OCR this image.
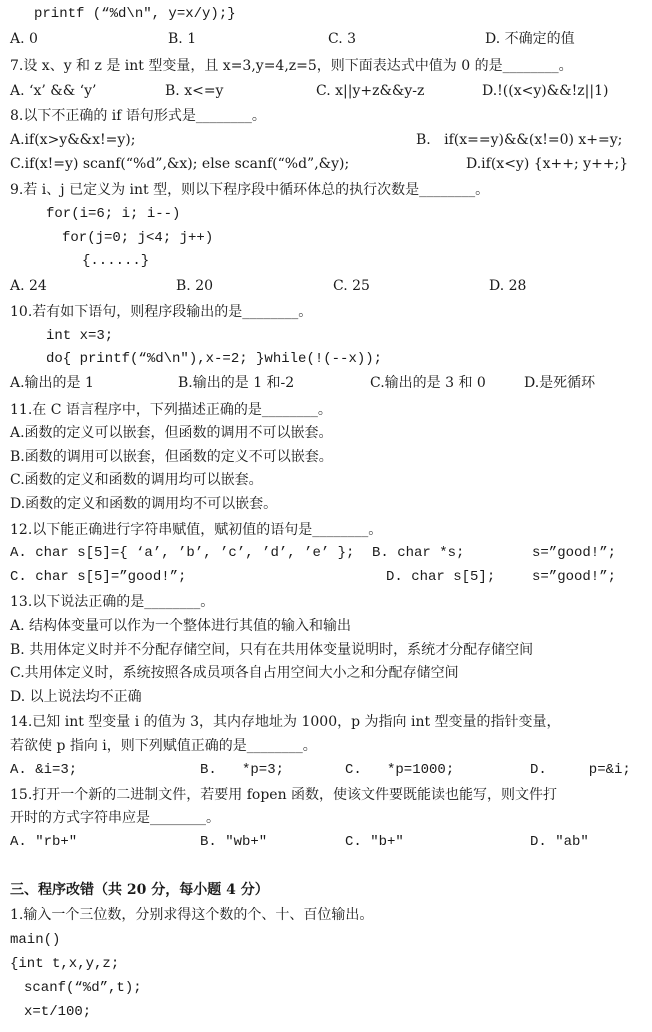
printf (“%d\n", y=x/y);}
A. 0	B. 1	C. 3	D. 不确定的值
7.设 x、y 和 z 是 int 型变量，且 x=3,y=4,z=5，则下面表达式中值为 0 的是________。
A. ‘x’ && ‘y’	B. x<=y	C. x||y+z&&y-z	D.!((x<y)&&!z||1)
8.以下不正确的 if 语句形式是________。
A.if(x>y&&x!=y);	B.   if(x==y)&&(x!=0) x+=y;
C.if(x!=y) scanf(“%d”,&x); else scanf(“%d”,&y);	D.if(x<y) {x++; y++;}
9.若 i、j 已定义为 int 型，则以下程序段中循环体总的执行次数是________。
for(i=6; i; i--)
for(j=0; j<4; j++)
{......}
A. 24	B. 20	C. 25	D. 28
10.若有如下语句，则程序段输出的是________。
int x=3;
do{ printf(“%d\n"),x-=2; }while(!(--x));
A.输出的是 1	B.输出的是 1 和-2	C.输出的是 3 和 0	D.是死循环
11.在 C 语言程序中，下列描述正确的是________。
A.函数的定义可以嵌套，但函数的调用不可以嵌套。
B.函数的调用可以嵌套，但函数的定义不可以嵌套。
C.函数的定义和函数的调用均可以嵌套。
D.函数的定义和函数的调用均不可以嵌套。
12.以下能正确进行字符串赋值，赋初值的语句是________。
A. char s[5]={ ‘a’, ’b’, ’c’, ’d’, ’e’ }; B. char *s;	s=”good!”;
C. char s[5]=”good!”;	D. char s[5];	s=”good!”;
13.以下说法正确的是________。
A. 结构体变量可以作为一个整体进行其值的输入和输出
B. 共用体定义时并不分配存储空间，只有在共用体变量说明时，系统才分配存储空间
C.共用体定义时，系统按照各成员项各自占用空间大小之和分配存储空间
D. 以上说法均不正确
14.已知 int 型变量 i 的值为 3，其内存地址为 1000，p 为指向 int 型变量的指针变量，
若欲使 p 指向 i，则下列赋值正确的是________。
A. &i=3;	B.   *p=3;	C.   *p=1000;	D.     p=&i;
15.打开一个新的二进制文件，若要用 fopen 函数，使该文件要既能读也能写，则文件打
开时的方式字符串应是________。
A. "rb+"	B. "wb+"	C. "b+"	D. "ab"
三、程序改错（共 20 分，每小题 4 分）
1.输入一个三位数，分别求得这个数的个、十、百位输出。
main()
{int t,x,y,z;
scanf(“%d”,t);
x=t/100;
